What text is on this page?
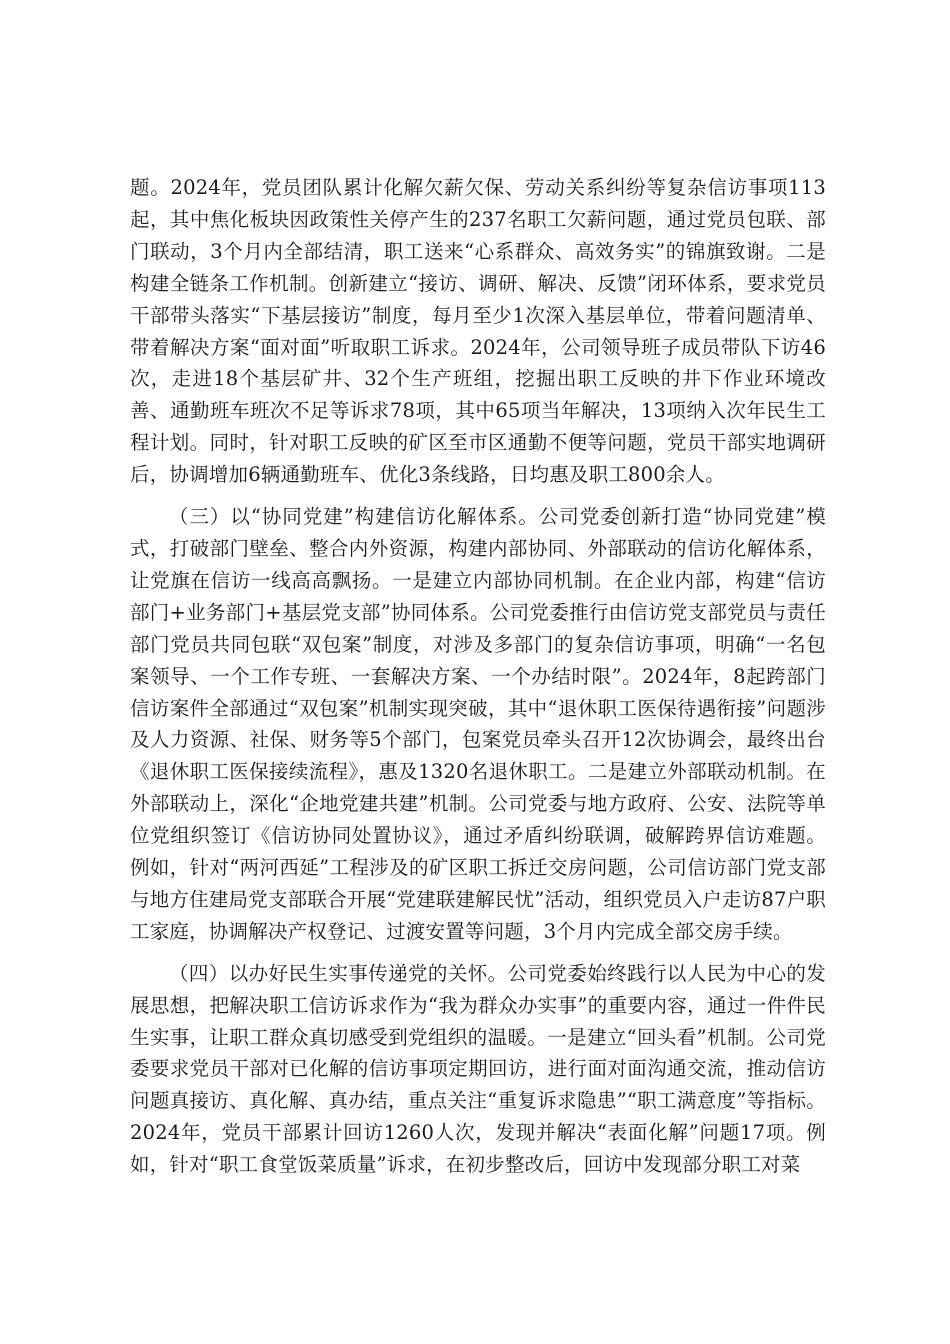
题。2024年，党员团队累计化解欠薪欠保、劳动关系纠纷等复杂信访事项113起，其中焦化板块因政策性关停产生的237名职工欠薪问题，通过党员包联、部门联动，3个月内全部结清，职工送来“心系群众、高效务实”的锦旗致谢。二是构建全链条工作机制。创新建立“接访、调研、解决、反馈”闭环体系，要求党员干部带头落实“下基层接访”制度，每月至少1次深入基层单位，带着问题清单、带着解决方案“面对面”听取职工诉求。2024年，公司领导班子成员带队下访46次，走进18个基层矿井、32个生产班组，挖掘出职工反映的井下作业环境改善、通勤班车班次不足等诉求78项，其中65项当年解决，13项纳入次年民生工程计划。同时，针对职工反映的矿区至市区通勤不便等问题，党员干部实地调研后，协调增加6辆通勤班车、优化3条线路，日均惠及职工800余人。

（三）以“协同党建”构建信访化解体系。公司党委创新打造“协同党建”模式，打破部门壁垒、整合内外资源，构建内部协同、外部联动的信访化解体系，让党旗在信访一线高高飘扬。一是建立内部协同机制。在企业内部，构建“信访部门+业务部门+基层党支部”协同体系。公司党委推行由信访党支部党员与责任部门党员共同包联“双包案”制度，对涉及多部门的复杂信访事项，明确“一名包案领导、一个工作专班、一套解决方案、一个办结时限”。2024年，8起跨部门信访案件全部通过“双包案”机制实现突破，其中“退休职工医保待遇衔接”问题涉及人力资源、社保、财务等5个部门，包案党员牵头召开12次协调会，最终出台《退休职工医保接续流程》，惠及1320名退休职工。二是建立外部联动机制。在外部联动上，深化“企地党建共建”机制。公司党委与地方政府、公安、法院等单位党组织签订《信访协同处置协议》，通过矛盾纠纷联调，破解跨界信访难题。例如，针对“两河西延”工程涉及的矿区职工拆迁交房问题，公司信访部门党支部与地方住建局党支部联合开展“党建联建解民忧”活动，组织党员入户走访87户职工家庭，协调解决产权登记、过渡安置等问题，3个月内完成全部交房手续。

（四）以办好民生实事传递党的关怀。公司党委始终践行以人民为中心的发展思想，把解决职工信访诉求作为“我为群众办实事”的重要内容，通过一件件民生实事，让职工群众真切感受到党组织的温暖。一是建立“回头看”机制。公司党委要求党员干部对已化解的信访事项定期回访，进行面对面沟通交流，推动信访问题真接访、真化解、真办结，重点关注“重复诉求隐患”“职工满意度”等指标。2024年，党员干部累计回访1260人次，发现并解决“表面化解”问题17项。例如，针对“职工食堂饭菜质量”诉求，在初步整改后，回访中发现部分职工对菜
